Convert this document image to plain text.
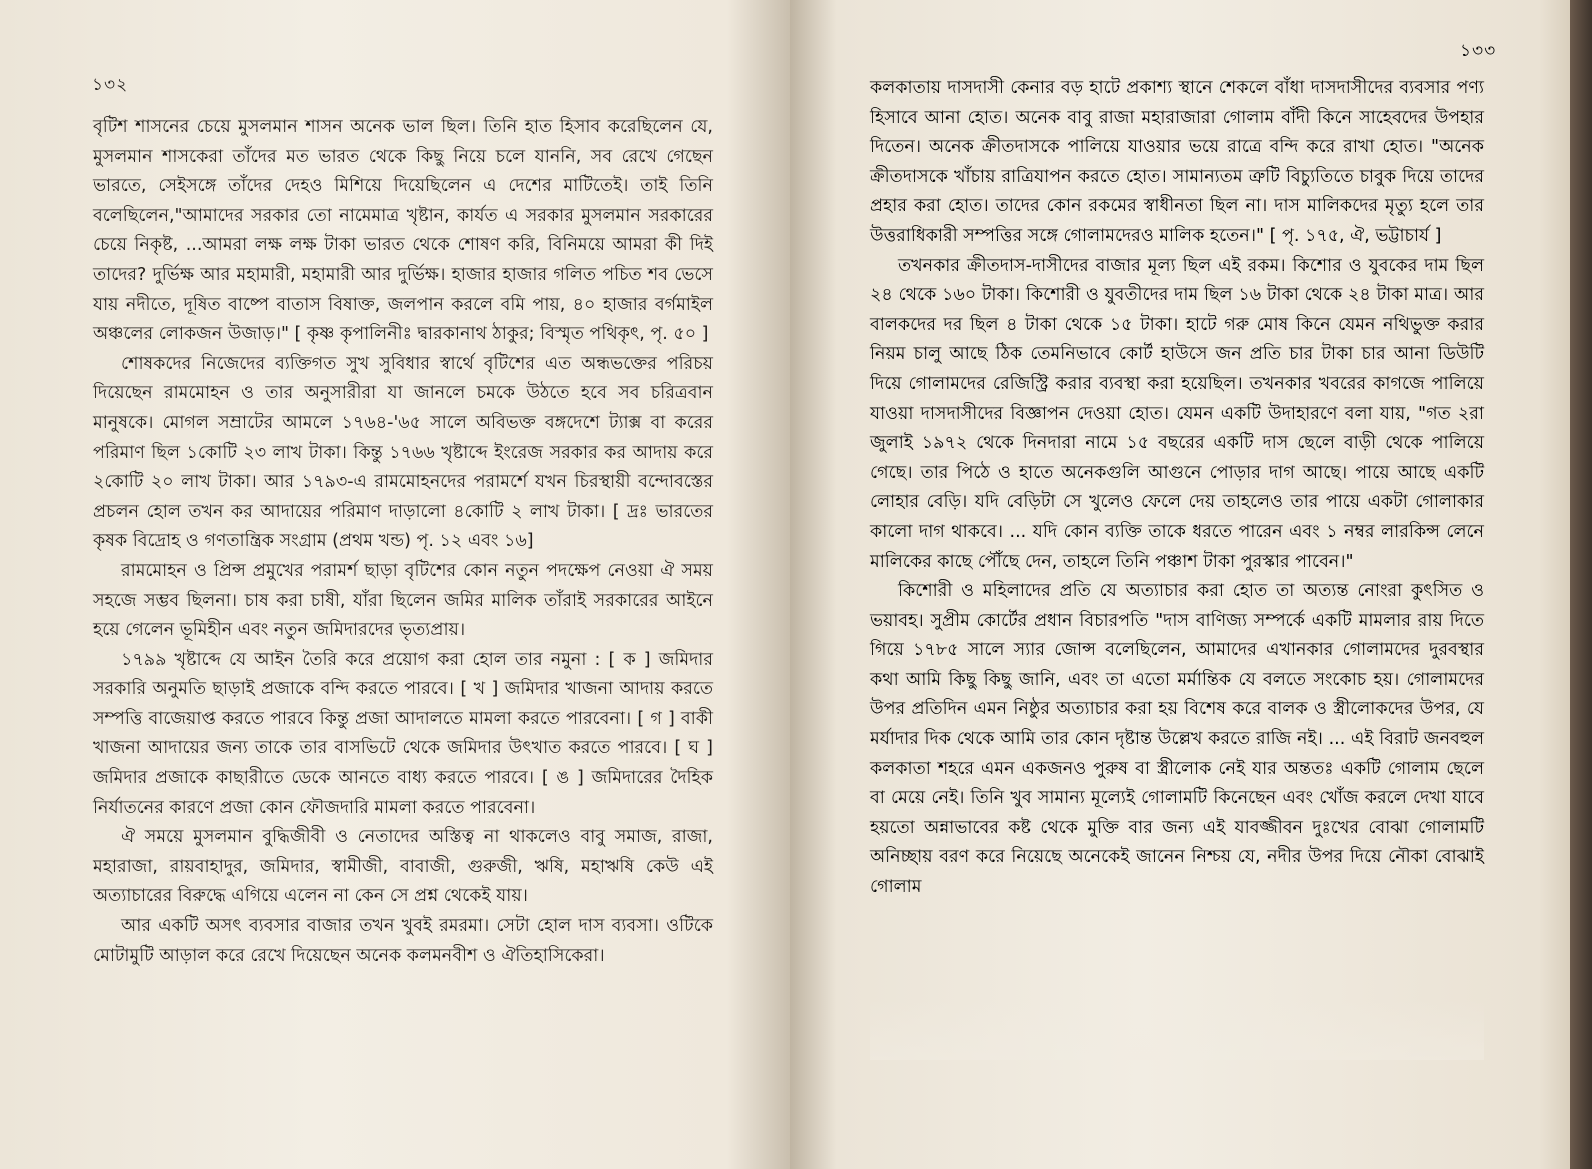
১৩২

বৃটিশ শাসনের চেয়ে মুসলমান শাসন অনেক ভাল ছিল। তিনি হাত হিসাব করেছিলেন যে, মুসলমান শাসকেরা তাঁদের মত ভারত থেকে কিছু নিয়ে চলে যাননি, সব রেখে গেছেন ভারতে, সেইসঙ্গে তাঁদের দেহও মিশিয়ে দিয়েছিলেন এ দেশের মাটিতেই। তাই তিনি বলেছিলেন,"আমাদের সরকার তো নামেমাত্র খৃষ্টান, কার্যত এ সরকার মুসলমান সরকারের চেয়ে নিকৃষ্ট, ...আমরা লক্ষ লক্ষ টাকা ভারত থেকে শোষণ করি, বিনিময়ে আমরা কী দিই তাদের? দুর্ভিক্ষ আর মহামারী, মহামারী আর দুর্ভিক্ষ। হাজার হাজার গলিত পচিত শব ভেসে যায় নদীতে, দূষিত বাষ্পে বাতাস বিষাক্ত, জলপান করলে বমি পায়, ৪০ হাজার বর্গমাইল অঞ্চলের লোকজন উজাড়।" [ কৃষ্ণ কৃপালিনীঃ দ্বারকানাথ ঠাকুর; বিস্মৃত পথিকৃৎ, পৃ. ৫০ ]

শোষকদের নিজেদের ব্যক্তিগত সুখ সুবিধার স্বার্থে বৃটিশের এত অন্ধভক্তের পরিচয় দিয়েছেন রামমোহন ও তার অনুসারীরা যা জানলে চমকে উঠতে হবে সব চরিত্রবান মানুষকে। মোগল সম্রাটের আমলে ১৭৬৪-'৬৫ সালে অবিভক্ত বঙ্গদেশে ট্যাক্স বা করের পরিমাণ ছিল ১কোটি ২৩ লাখ টাকা। কিন্তু ১৭৬৬ খৃষ্টাব্দে ইংরেজ সরকার কর আদায় করে ২কোটি ২০ লাখ টাকা। আর ১৭৯৩-এ রামমোহনদের পরামর্শে যখন চিরস্থায়ী বন্দোবস্তের প্রচলন হোল তখন কর আদায়ের পরিমাণ দাড়ালো ৪কোটি ২ লাখ টাকা। [ দ্রঃ ভারতের কৃষক বিদ্রোহ ও গণতান্ত্রিক সংগ্রাম (প্রথম খন্ড) পৃ. ১২ এবং ১৬]

রামমোহন ও প্রিন্স প্রমুখের পরামর্শ ছাড়া বৃটিশের কোন নতুন পদক্ষেপ নেওয়া ঐ সময় সহজে সম্ভব ছিলনা। চাষ করা চাষী, যাঁরা ছিলেন জমির মালিক তাঁরাই সরকারের আইনে হয়ে গেলেন ভূমিহীন এবং নতুন জমিদারদের ভৃত্যপ্রায়।

১৭৯৯ খৃষ্টাব্দে যে আইন তৈরি করে প্রয়োগ করা হোল তার নমুনা : [ ক ] জমিদার সরকারি অনুমতি ছাড়াই প্রজাকে বন্দি করতে পারবে। [ খ ] জমিদার খাজনা আদায় করতে সম্পত্তি বাজেয়াপ্ত করতে পারবে কিন্তু প্রজা আদালতে মামলা করতে পারবেনা। [ গ ] বাকী খাজনা আদায়ের জন্য তাকে তার বাসভিটে থেকে জমিদার উৎখাত করতে পারবে। [ ঘ ] জমিদার প্রজাকে কাছারীতে ডেকে আনতে বাধ্য করতে পারবে। [ ঙ ] জমিদারের দৈহিক নির্যাতনের কারণে প্রজা কোন ফৌজদারি মামলা করতে পারবেনা।

ঐ সময়ে মুসলমান বুদ্ধিজীবী ও নেতাদের অস্তিত্ব না থাকলেও বাবু সমাজ, রাজা, মহারাজা, রায়বাহাদুর, জমিদার, স্বামীজী, বাবাজী, গুরুজী, ঋষি, মহাঋষি কেউ এই অত্যাচারের বিরুদ্ধে এগিয়ে এলেন না কেন সে প্রশ্ন থেকেই যায়।

আর একটি অসৎ ব্যবসার বাজার তখন খুবই রমরমা। সেটা হোল দাস ব্যবসা। ওটিকে মোটামুটি আড়াল করে রেখে দিয়েছেন অনেক কলমনবীশ ও ঐতিহাসিকেরা।

১৩৩

কলকাতায় দাসদাসী কেনার বড় হাটে প্রকাশ্য স্থানে শেকলে বাঁধা দাসদাসীদের ব্যবসার পণ্য হিসাবে আনা হোত। অনেক বাবু রাজা মহারাজারা গোলাম বাঁদী কিনে সাহেবদের উপহার দিতেন। অনেক ক্রীতদাসকে পালিয়ে যাওয়ার ভয়ে রাত্রে বন্দি করে রাখা হোত। "অনেক ক্রীতদাসকে খাঁচায় রাত্রিযাপন করতে হোত। সামান্যতম ত্রুটি বিচ্যুতিতে চাবুক দিয়ে তাদের প্রহার করা হোত। তাদের কোন রকমের স্বাধীনতা ছিল না। দাস মালিকদের মৃত্যু হলে তার উত্তরাধিকারী সম্পত্তির সঙ্গে গোলামদেরও মালিক হতেন।" [ পৃ. ১৭৫, ঐ, ভট্টাচার্য ]

তখনকার ক্রীতদাস-দাসীদের বাজার মূল্য ছিল এই রকম। কিশোর ও যুবকের দাম ছিল ২৪ থেকে ১৬০ টাকা। কিশোরী ও যুবতীদের দাম ছিল ১৬ টাকা থেকে ২৪ টাকা মাত্র। আর বালকদের দর ছিল ৪ টাকা থেকে ১৫ টাকা। হাটে গরু মোষ কিনে যেমন নথিভুক্ত করার নিয়ম চালু আছে ঠিক তেমনিভাবে কোর্ট হাউসে জন প্রতি চার টাকা চার আনা ডিউটি দিয়ে গোলামদের রেজিস্ট্রি করার ব্যবস্থা করা হয়েছিল। তখনকার খবরের কাগজে পালিয়ে যাওয়া দাসদাসীদের বিজ্ঞাপন দেওয়া হোত। যেমন একটি উদাহারণে বলা যায়, "গত ২রা জুলাই ১৯৭২ থেকে দিনদারা নামে ১৫ বছরের একটি দাস ছেলে বাড়ী থেকে পালিয়ে গেছে। তার পিঠে ও হাতে অনেকগুলি আগুনে পোড়ার দাগ আছে। পায়ে আছে একটি লোহার বেড়ি। যদি বেড়িটা সে খুলেও ফেলে দেয় তাহলেও তার পায়ে একটা গোলাকার কালো দাগ থাকবে। ... যদি কোন ব্যক্তি তাকে ধরতে পারেন এবং ১ নম্বর লারকিন্স লেনে মালিকের কাছে পৌঁছে দেন, তাহলে তিনি পঞ্চাশ টাকা পুরস্কার পাবেন।"

কিশোরী ও মহিলাদের প্রতি যে অত্যাচার করা হোত তা অত্যন্ত নোংরা কুৎসিত ও ভয়াবহ। সুপ্রীম কোর্টের প্রধান বিচারপতি "দাস বাণিজ্য সম্পর্কে একটি মামলার রায় দিতে গিয়ে ১৭৮৫ সালে স্যার জোন্স বলেছিলেন, আমাদের এখানকার গোলামদের দুরবস্থার কথা আমি কিছু কিছু জানি, এবং তা এতো মর্মান্তিক যে বলতে সংকোচ হয়। গোলামদের উপর প্রতিদিন এমন নিষ্ঠুর অত্যাচার করা হয় বিশেষ করে বালক ও স্ত্রীলোকদের উপর, যে মর্যাদার দিক থেকে আমি তার কোন দৃষ্টান্ত উল্লেখ করতে রাজি নই। ... এই বিরাট জনবহুল কলকাতা শহরে এমন একজনও পুরুষ বা স্ত্রীলোক নেই যার অন্ততঃ একটি গোলাম ছেলে বা মেয়ে নেই। তিনি খুব সামান্য মূল্যেই গোলামটি কিনেছেন এবং খোঁজ করলে দেখা যাবে হয়তো অন্নাভাবের কষ্ট থেকে মুক্তি বার জন্য এই যাবজ্জীবন দুঃখের বোঝা গোলামটি অনিচ্ছায় বরণ করে নিয়েছে অনেকেই জানেন নিশ্চয় যে, নদীর উপর দিয়ে নৌকা বোঝাই গোলাম
